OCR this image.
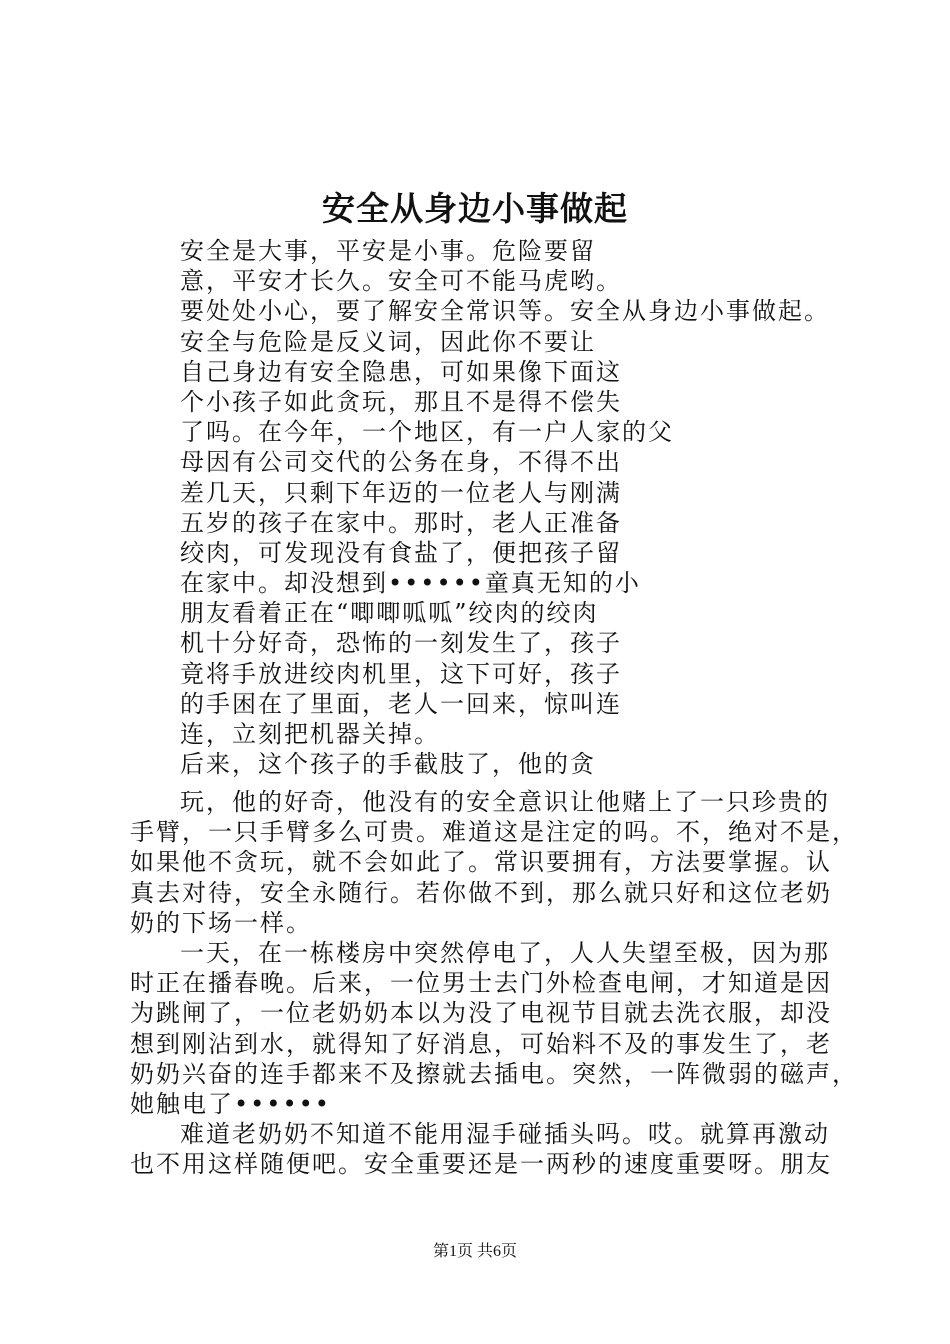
安全从身边小事做起
安全是大事，平安是小事。危险要留
意，平安才长久。安全可不能马虎哟。
要处处小心，要了解安全常识等。安全从身边小事做起。
安全与危险是反义词，因此你不要让
自己身边有安全隐患，可如果像下面这
个小孩子如此贪玩，那且不是得不偿失
了吗。在今年，一个地区，有一户人家的父
母因有公司交代的公务在身，不得不出
差几天，只剩下年迈的一位老人与刚满
五岁的孩子在家中。那时，老人正准备
绞肉，可发现没有食盐了，便把孩子留
在家中。却没想到••••••童真无知的小
朋友看着正在“唧唧呱呱”绞肉的绞肉
机十分好奇，恐怖的一刻发生了，孩子
竟将手放进绞肉机里，这下可好，孩子
的手困在了里面，老人一回来，惊叫连
连，立刻把机器关掉。
后来，这个孩子的手截肢了，他的贪
玩，他的好奇，他没有的安全意识让他赌上了一只珍贵的
手臂，一只手臂多么可贵。难道这是注定的吗。不，绝对不是，
如果他不贪玩，就不会如此了。常识要拥有，方法要掌握。认
真去对待，安全永随行。若你做不到，那么就只好和这位老奶
奶的下场一样。
一天，在一栋楼房中突然停电了，人人失望至极，因为那
时正在播春晚。后来，一位男士去门外检查电闸，才知道是因
为跳闸了，一位老奶奶本以为没了电视节目就去洗衣服，却没
想到刚沾到水，就得知了好消息，可始料不及的事发生了，老
奶奶兴奋的连手都来不及擦就去插电。突然，一阵微弱的磁声，
她触电了••••••
难道老奶奶不知道不能用湿手碰插头吗。哎。就算再激动
也不用这样随便吧。安全重要还是一两秒的速度重要呀。朋友
第1页 共6页
